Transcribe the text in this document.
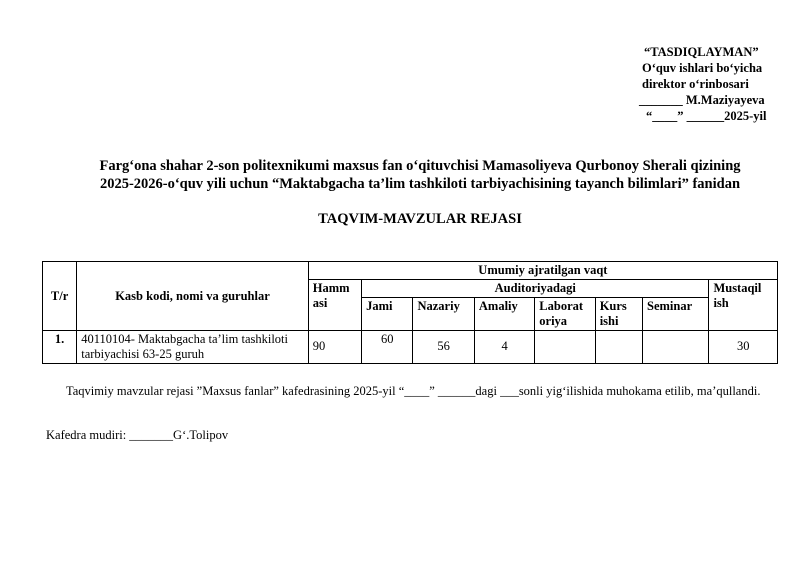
“TASDIQLAYMAN”
O‘quv ishlari bo‘yicha
direktor o‘rinbosari
_______ M.Maziyayeva
“____” ______2025-yil
Farg‘ona shahar 2-son politexnikumi maxsus fan o‘qituvchisi Mamasoliyeva Qurbonoy Sherali qizining
2025-2026-o‘quv yili uchun “Maktabgacha ta’lim tashkiloti tarbiyachisining tayanch bilimlari” fanidan
TAQVIM-MAVZULAR REJASI
T/r	Kasb kodi, nomi va guruhlar	Umumiy ajratilgan vaqt							
		Hamm asi	Auditoriyadagi						Mustaqil ish
			Jami	Nazariy	Amaliy	Laborat oriya	Kurs ishi	Seminar	
1.	40110104- Maktabgacha ta’lim tashkiloti tarbiyachisi 63-25 guruh	90	60	56	4				30
Taqvimiy mavzular rejasi ”Maxsus fanlar” kafedrasining 2025-yil “____” ______dagi ___sonli yig‘ilishida muhokama etilib, ma’qullandi.
Kafedra mudiri: _______G‘.Tolipov
